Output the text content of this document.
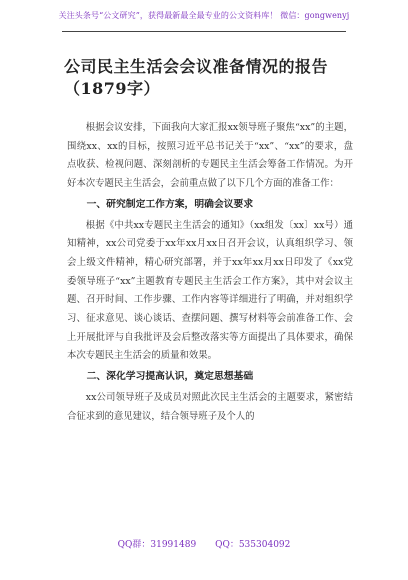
关注头条号“公文研究”，获得最新最全最专业的公文资料库！ 微信：gongwenyj
公司民主生活会会议准备情况的报告
（1879字）

根据会议安排，下面我向大家汇报xx领导班子聚焦“xx”的主题，围绕xx、xx的目标，按照习近平总书记关于“xx”、“xx”的要求，盘点收获、检视问题、深刻剖析的专题民主生活会筹备工作情况。为开好本次专题民主生活会，会前重点做了以下几个方面的准备工作：

一、研究制定工作方案，明确会议要求

根据《中共xx专题民主生活会的通知》（xx组发〔xx〕xx号）通知精神，xx公司党委于xx年xx月xx日召开会议，认真组织学习、领会上级文件精神，精心研究部署，并于xx年xx月xx日印发了《xx党委领导班子“xx”主题教育专题民主生活会工作方案》，其中对会议主题、召开时间、工作步骤、工作内容等详细进行了明确，并对组织学习、征求意见、谈心谈话、查摆问题、撰写材料等会前准备工作、会上开展批评与自我批评及会后整改落实等方面提出了具体要求，确保本次专题民主生活会的质量和效果。

二、深化学习提高认识，奠定思想基础

xx公司领导班子及成员对照此次民主生活会的主题要求，紧密结合征求到的意见建议，结合领导班子及个人的

QQ群：31991489 QQ：535304092
